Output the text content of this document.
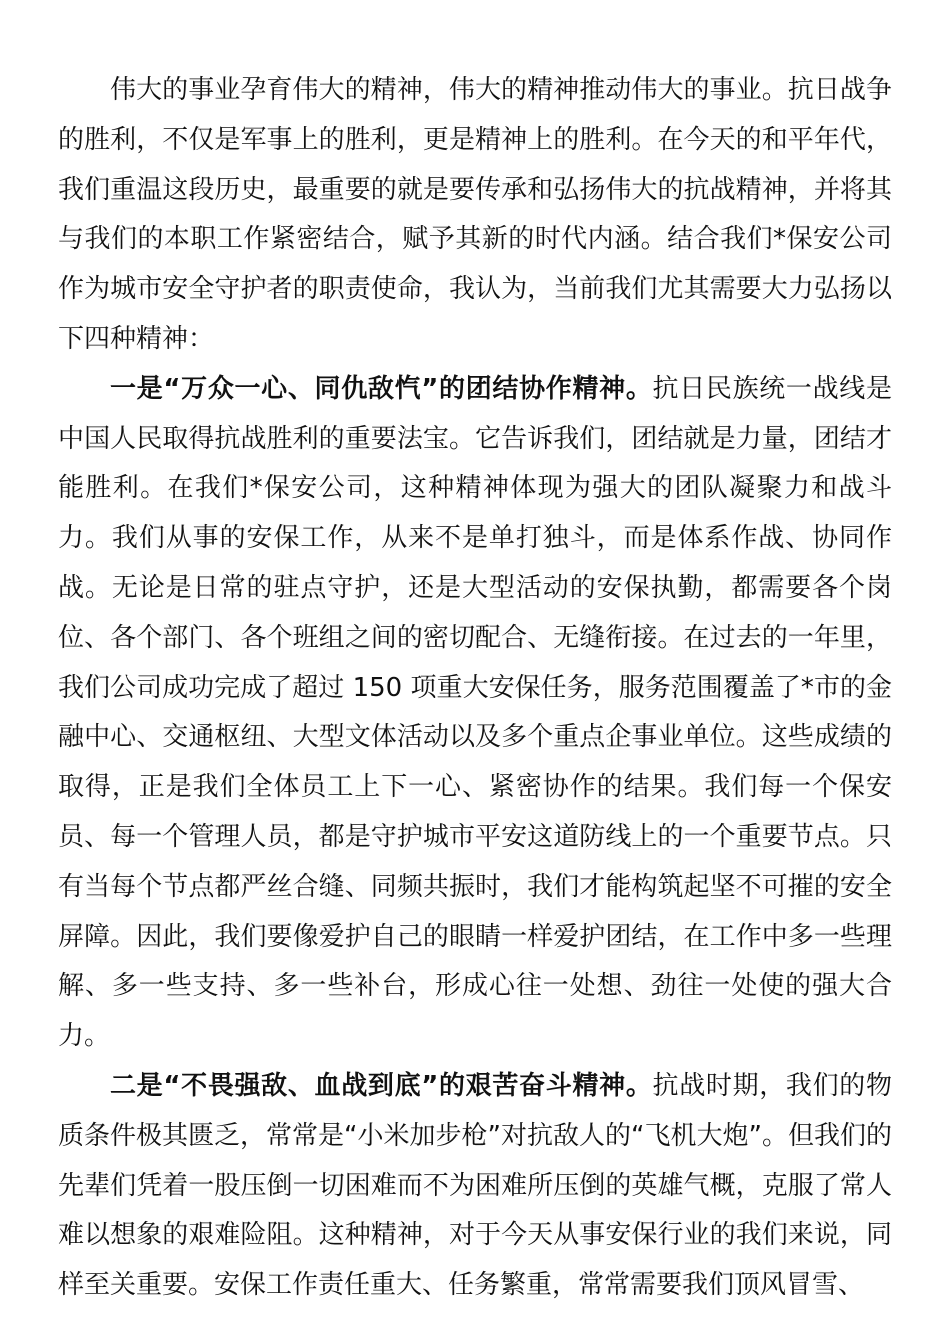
伟大的事业孕育伟大的精神，伟大的精神推动伟大的事业。抗日战争的胜利，不仅是军事上的胜利，更是精神上的胜利。在今天的和平年代，我们重温这段历史，最重要的就是要传承和弘扬伟大的抗战精神，并将其与我们的本职工作紧密结合，赋予其新的时代内涵。结合我们*保安公司作为城市安全守护者的职责使命，我认为，当前我们尤其需要大力弘扬以下四种精神：

一是“万众一心、同仇敌忾”的团结协作精神。抗日民族统一战线是中国人民取得抗战胜利的重要法宝。它告诉我们，团结就是力量，团结才能胜利。在我们*保安公司，这种精神体现为强大的团队凝聚力和战斗力。我们从事的安保工作，从来不是单打独斗，而是体系作战、协同作战。无论是日常的驻点守护，还是大型活动的安保执勤，都需要各个岗位、各个部门、各个班组之间的密切配合、无缝衔接。在过去的一年里，我们公司成功完成了超过 150 项重大安保任务，服务范围覆盖了*市的金融中心、交通枢纽、大型文体活动以及多个重点企事业单位。这些成绩的取得，正是我们全体员工上下一心、紧密协作的结果。我们每一个保安员、每一个管理人员，都是守护城市平安这道防线上的一个重要节点。只有当每个节点都严丝合缝、同频共振时，我们才能构筑起坚不可摧的安全屏障。因此，我们要像爱护自己的眼睛一样爱护团结，在工作中多一些理解、多一些支持、多一些补台，形成心往一处想、劲往一处使的强大合力。

二是“不畏强敌、血战到底”的艰苦奋斗精神。抗战时期，我们的物质条件极其匮乏，常常是“小米加步枪”对抗敌人的“飞机大炮”。但我们的先辈们凭着一股压倒一切困难而不为困难所压倒的英雄气概，克服了常人难以想象的艰难险阻。这种精神，对于今天从事安保行业的我们来说，同样至关重要。安保工作责任重大、任务繁重，常常需要我们顶风冒雪、
